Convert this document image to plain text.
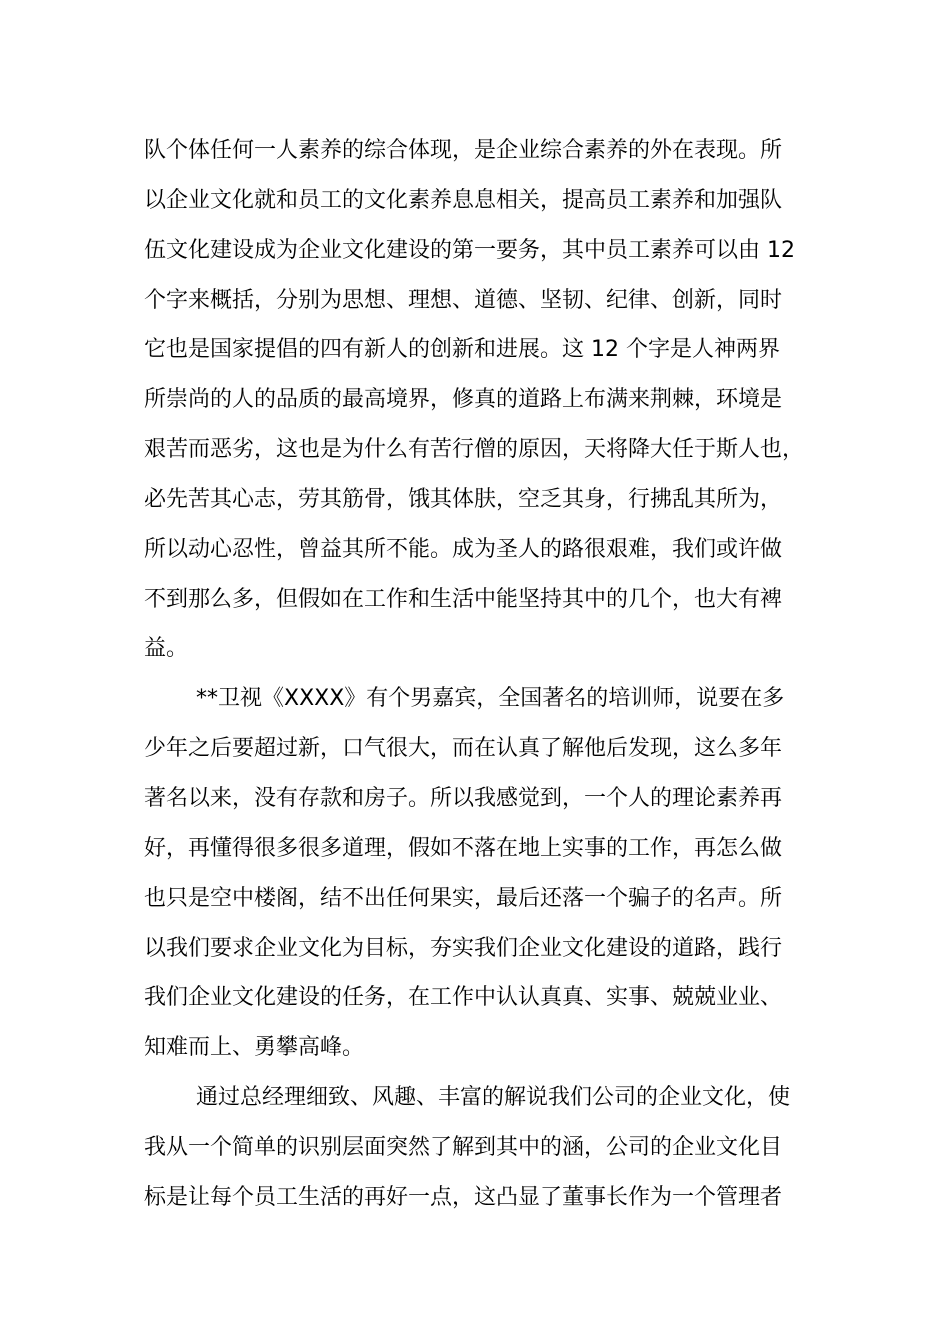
队个体任何一人素养的综合体现，是企业综合素养的外在表现。所
以企业文化就和员工的文化素养息息相关，提高员工素养和加强队
伍文化建设成为企业文化建设的第一要务，其中员工素养可以由 12
个字来概括，分别为思想、理想、道德、坚韧、纪律、创新，同时
它也是国家提倡的四有新人的创新和进展。这 12 个字是人神两界
所崇尚的人的品质的最高境界，修真的道路上布满来荆棘，环境是
艰苦而恶劣，这也是为什么有苦行僧的原因，天将降大任于斯人也，
必先苦其心志，劳其筋骨，饿其体肤，空乏其身，行拂乱其所为，
所以动心忍性，曾益其所不能。成为圣人的路很艰难，我们或许做
不到那么多，但假如在工作和生活中能坚持其中的几个，也大有裨
益。
**卫视《XXXX》有个男嘉宾，全国著名的培训师，说要在多
少年之后要超过新，口气很大，而在认真了解他后发现，这么多年
著名以来，没有存款和房子。所以我感觉到，一个人的理论素养再
好，再懂得很多很多道理，假如不落在地上实事的工作，再怎么做
也只是空中楼阁，结不出任何果实，最后还落一个骗子的名声。所
以我们要求企业文化为目标，夯实我们企业文化建设的道路，践行
我们企业文化建设的任务，在工作中认认真真、实事、兢兢业业、
知难而上、勇攀高峰。
通过总经理细致、风趣、丰富的解说我们公司的企业文化，使
我从一个简单的识别层面突然了解到其中的涵，公司的企业文化目
标是让每个员工生活的再好一点，这凸显了董事长作为一个管理者
